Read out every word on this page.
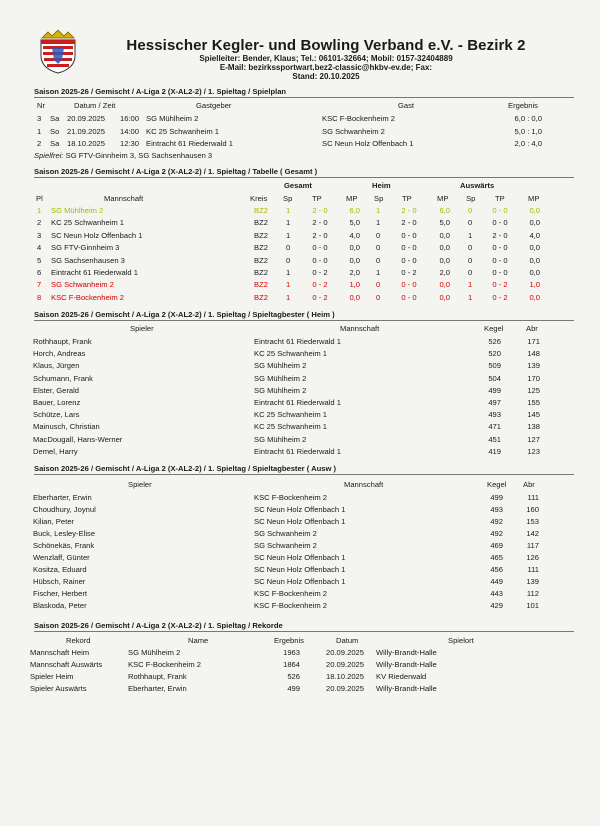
Hessischer Kegler- und Bowling Verband e.V. - Bezirk 2
Spielleiter: Bender, Klaus; Tel.: 06101-32664; Mobil: 0157-32404889
E-Mail: bezirkssportwart.bez2-classic@hkbv-ev.de; Fax:
Stand: 20.10.2025
Saison 2025-26 / Gemischt / A-Liga 2 (X-AL2-2) / 1. Spieltag / Spielplan
Nr	Datum / Zeit	Gastgeber	Gast	Ergebnis
3 Sa 20.09.2025 16:00 SG Mühlheim 2	KSC F-Bockenheim 2	6,0 : 0,0
1 So 21.09.2025 14:00 KC 25 Schwanheim 1	SG Schwanheim 2	5,0 : 1,0
2 Sa 18.10.2025 12:30 Eintracht 61 Riederwald 1	SC Neun Holz Offenbach 1	2,0 : 4,0
Spielfrei: SG FTV-Ginnheim 3, SG Sachsenhausen 3
Saison 2025-26 / Gemischt / A-Liga 2 (X-AL2-2) / 1. Spieltag / Tabelle ( Gesamt )
Gesamt	Heim	Auswärts
Pl	Mannschaft	Kreis Sp	TP	MP Sp TP	MP Sp	TP	MP
1 SG Mühlheim 2	BZ2 1	2 - 0	6,0 1	2 - 0	6,0 0	0 - 0	0,0
2 KC 25 Schwanheim 1	BZ2 1	2 - 0	5,0 1	2 - 0	5,0 0	0 - 0	0,0
3 SC Neun Holz Offenbach 1	BZ2 1	2 - 0	4,0 0	0 - 0	0,0 1	2 - 0	4,0
4 SG FTV-Ginnheim 3	BZ2 0	0 - 0	0,0 0	0 - 0	0,0 0	0 - 0	0,0
5 SG Sachsenhausen 3	BZ2 0	0 - 0	0,0 0	0 - 0	0,0 0	0 - 0	0,0
6 Eintracht 61 Riederwald 1	BZ2 1	0 - 2	2,0 1	0 - 2	2,0 0	0 - 0	0,0
7 SG Schwanheim 2	BZ2 1	0 - 2	1,0 0	0 - 0	0,0 1	0 - 2	1,0
8 KSC F-Bockenheim 2	BZ2 1	0 - 2	0,0 0	0 - 0	0,0 1	0 - 2	0,0
Saison 2025-26 / Gemischt / A-Liga 2 (X-AL2-2) / 1. Spieltag / Spieltagbester ( Heim )
Spieler	Mannschaft	Kegel	Abr
Rothhaupt, Frank	Eintracht 61 Riederwald 1	526	171
Horch, Andreas	KC 25 Schwanheim 1	520	148
Klaus, Jürgen	SG Mühlheim 2	509	139
Schumann, Frank	SG Mühlheim 2	504	170
Elster, Gerald	SG Mühlheim 2	499	125
Bauer, Lorenz	Eintracht 61 Riederwald 1	497	155
Schütze, Lars	KC 25 Schwanheim 1	493	145
Mainusch, Christian	KC 25 Schwanheim 1	471	138
MacDougall, Hans-Werner	SG Mühlheim 2	451	127
Demel, Harry	Eintracht 61 Riederwald 1	419	123
Saison 2025-26 / Gemischt / A-Liga 2 (X-AL2-2) / 1. Spieltag / Spieltagbester ( Ausw )
Spieler	Mannschaft	Kegel Abr
Eberharter, Erwin	KSC F-Bockenheim 2	499	111
Choudhury, Joynul	SC Neun Holz Offenbach 1	493	160
Kilian, Peter	SC Neun Holz Offenbach 1	492	153
Buck, Lesley-Elise	SG Schwanheim 2	492	142
Schönekäs, Frank	SG Schwanheim 2	469	117
Wenzlaff, Günter	SC Neun Holz Offenbach 1	465	126
Kositza, Eduard	SC Neun Holz Offenbach 1	456	111
Hübsch, Rainer	SC Neun Holz Offenbach 1	449	139
Fischer, Herbert	KSC F-Bockenheim 2	443	112
Blaskoda, Peter	KSC F-Bockenheim 2	429	101
Saison 2025-26 / Gemischt / A-Liga 2 (X-AL2-2) / 1. Spieltag / Rekorde
Rekord	Name	Ergebnis	Datum	Spielort
Mannschaft Heim	SG Mühlheim 2	1963	20.09.2025 Willy-Brandt-Halle
Mannschaft Auswärts	KSC F-Bockenheim 2	1864	20.09.2025 Willy-Brandt-Halle
Spieler Heim	Rothhaupt, Frank	526	18.10.2025 KV Riederwald
Spieler Auswärts	Eberharter, Erwin	499	20.09.2025 Willy-Brandt-Halle
